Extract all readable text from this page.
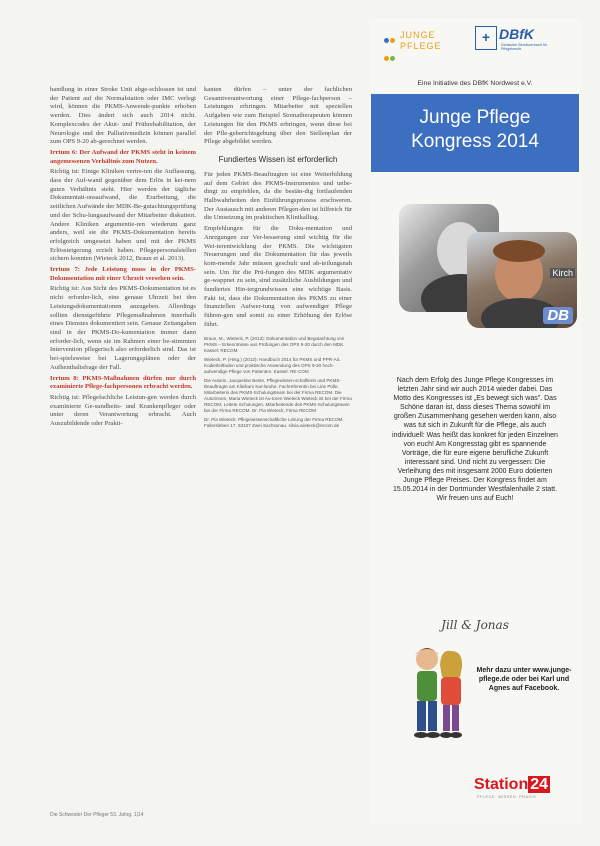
handlung in einer Stroke Unit abge-schlossen ist und der Patient auf die Normalstation oder IMC verlegt wird, können die PKMS-Anwende-punkte erhoben werden. Dies ändert sich auch 2014 nicht. Komplexcodes der Akut- und Frührehabilitation, der Neurologie und der Palliativmedizin können parallel zum OPS 9-20 ab-gerechnet werden.

Irrtum 6: Der Aufwand der PKMS steht in keinem angemessenen Verhältnis zum Nutzen.

Richtig ist: Einige Kliniken vertre-ten die Auffassung, dass der Auf-wand gegenüber dem Erlös in kei-nem guten Verhältnis steht. Hier werden der tägliche Dokumentati-onsaufwand, die Erarbeitung, die zeitlichen Aufwände der MDK-Be-gutachtungsprüfung und der Schu-lungsaufwand der Mitarbeiter diskutiert. Andere Kliniken argumentie-ren wiederum ganz anders, weil sie die PKMS-Dokumentation bereits erfolgreich umgesetzt haben und mit der PKMS Erlössteigerung erzielt haben. Pflegepersonalstellen sichern konnten (Wieteck 2012, Braun et al. 2013).

Irrtum 7: Jede Leistung muss in der PKMS-Dokumentation mit einer Uhrzeit versehen sein.

Richtig ist: Aus Sicht des PKMS-Dokumentation ist es nicht erforder-lich, eine genaue Uhrzeit bei den Leistungsdokumentationen anzugeben. Allerdings sollten dienstgeführte Pflegemaßnahmen innerhalb eines Dienstes dokumentiert sein. Genaue Zeitangaben sind in der PKMS-Do-kumentation immer dann erforder-lich, wenn sie im Rahmen einer be-stimmten Intervention pflegerisch also erforderlich sind. Das ist bei-spielsweise bei Lagerungsplänen oder der Aufhenthaltsfrage der Fall.

Irrtum 8: PKMS-Maßnahmen dürfen nur durch examinierte Pflege-fachpersonen erbracht werden.

Richtig ist: Pflegefachliche Leistun-gen werden durch examinierte Ge-sundheits- und Krankenpfleger oder unter deren Verantwortung erbracht. Auch Auszubildende oder Prakti-

kanten dürfen – unter der fachlichen Gesamtverantwortung einer Pflege-fachperson – Leistungen erbringen. Mitarbeiter mit speziellen Aufgaben wie zum Beispiel Stomatherapeuten können Leistungen für den PKMS erbringen, wenn diese bei der Pfle-geberichtsgebung über den Stellenplan der Pflege abgebildet werden.

Fundiertes Wissen ist erforderlich

Für jeden PKMS-Beauftragten ist eine Weiterbildung auf dem Gebiet des PKMS-Instrumentes und unbe-dingt zu empfehlen, da die bestän-dig fortlaufenden Halbwahrheiten den Einführungsprozess erschweren. Der Austausch mit anderen Pflegen-den ist hilfreich für die Umsetzung im praktischen Klinikalltag.

Empfehlungen für die Doku-mentation und Anregungen zur Ver-besserung sind wichtig für die Wei-terentwicklung der PKMS. Die wichtigsten Neuerungen und die Dokumentation für das jeweils kom-mende Jahr müssen geschult und ab-teilungsnah sein. Um für die Prü-fungen des MDK argumentativ ge-wappnet zu sein, sind zusätzliche Ausbildungen und fundiertes Hin-tergrundwissen eine wichtige Basis. Fakt ist, dass die Dokumentation des PKMS zu einer finanziellen Aufwer-tung von aufwendiger Pflege führen-gen und somit zu einer Erhöhung der Erlöse führt.

Braun, M., Wieteck, P. (2013): Dokumentation und Begutachtung von PKMS – Erkenntnisse aus Prüfungen des OPS 9-20 durch den MDK. Kassel: RECOM

Wieteck, P. (Hrsg.) (2013): Handbuch 2014 für PKMS und PPR-A4. Kodierleitfaden und praktische Anwendung des OPS 9-20 hoch-aufwendige Pflege von Patienten. Kassel: RE-COM

Die Autorin, Jacqueline Beste, Pflegewissen-schaftlerin und PKMS-Beauftragte am Klinikum Kar-lsruhe. Fachreferentin bei Line Polle. Mitarbeiterin des PKMS-Schulungsteam bei der Firma RECOM. Die Autorinnen, Maria Wieteck ist Au-toren Wieteck Wieteck ist bei der Firma RECOM, Leitete Schulungen. Mitarbeitende des PKMS-Schulungsteam bei der Firma RECOM. Dr. Pia Wieteck, Firma RECOM

Dr. Pia Wieteck: Pflegewissenschaftliche Leitung der Firma RECOM. Fallersleben 17, 63107 Zwei Sachsonau. silvia.wieteck@recom.de

Die Schwester Der Pfleger 53. Jahrg. 1|14

JUNGE
PFLEGE
+ DBfK
Deutscher Berufsverband für Pflegeberufe
Eine Initiative des DBfK Nordwest e.V.
Junge Pflege
Kongress 2014
Kirch
DB
Nach dem Erfolg des Junge Pflege Kongresses im letzten Jahr sind wir auch 2014 wieder dabei. Das Motto des Kongresses ist „Es bewegt sich was". Das Schöne daran ist, dass dieses Thema sowohl im großen Zusammenhang gesehen werden kann, also was tut sich in Zukunft für die Pflege, als auch individuell: Was heißt das konkret für jeden Einzelnen von euch! Am Kongresstag gibt es spannende Vorträge, die für eure eigene berufliche Zukunft interessant sind. Und nicht zu vergessen: Die Verleihung des mit insgesamt 2000 Euro dotierten Junge Pflege Preises. Der Kongress findet am 15.05.2014 in der Dortmunder Westfalenhalle 2 statt. Wir freuen uns auf Euch!
Jill & Jonas
Mehr dazu unter www.junge-pflege.de oder bei Karl und Agnes auf Facebook.
Station 24
PFLEGE. WISSEN. PRAXIS.
